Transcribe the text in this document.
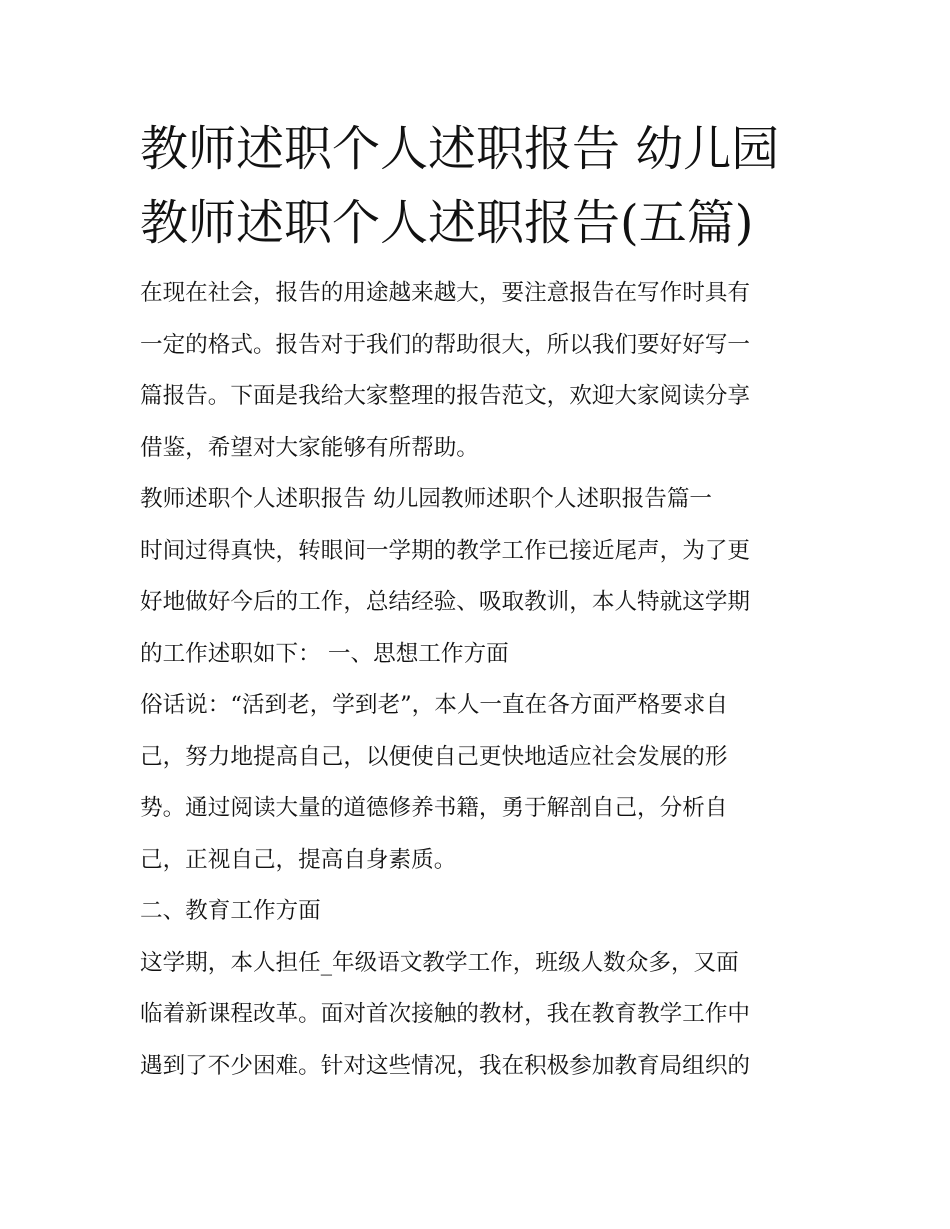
教师述职个人述职报告 幼儿园
教师述职个人述职报告(五篇)

在现在社会，报告的用途越来越大，要注意报告在写作时具有
一定的格式。报告对于我们的帮助很大，所以我们要好好写一
篇报告。下面是我给大家整理的报告范文，欢迎大家阅读分享
借鉴，希望对大家能够有所帮助。

教师述职个人述职报告 幼儿园教师述职个人述职报告篇一

时间过得真快，转眼间一学期的教学工作已接近尾声，为了更
好地做好今后的工作，总结经验、吸取教训，本人特就这学期
的工作述职如下： 一、思想工作方面

俗话说：“活到老，学到老”，本人一直在各方面严格要求自
己，努力地提高自己，以便使自己更快地适应社会发展的形
势。通过阅读大量的道德修养书籍，勇于解剖自己，分析自
己，正视自己，提高自身素质。

二、教育工作方面

这学期，本人担任_年级语文教学工作，班级人数众多，又面
临着新课程改革。面对首次接触的教材，我在教育教学工作中
遇到了不少困难。针对这些情况，我在积极参加教育局组织的
